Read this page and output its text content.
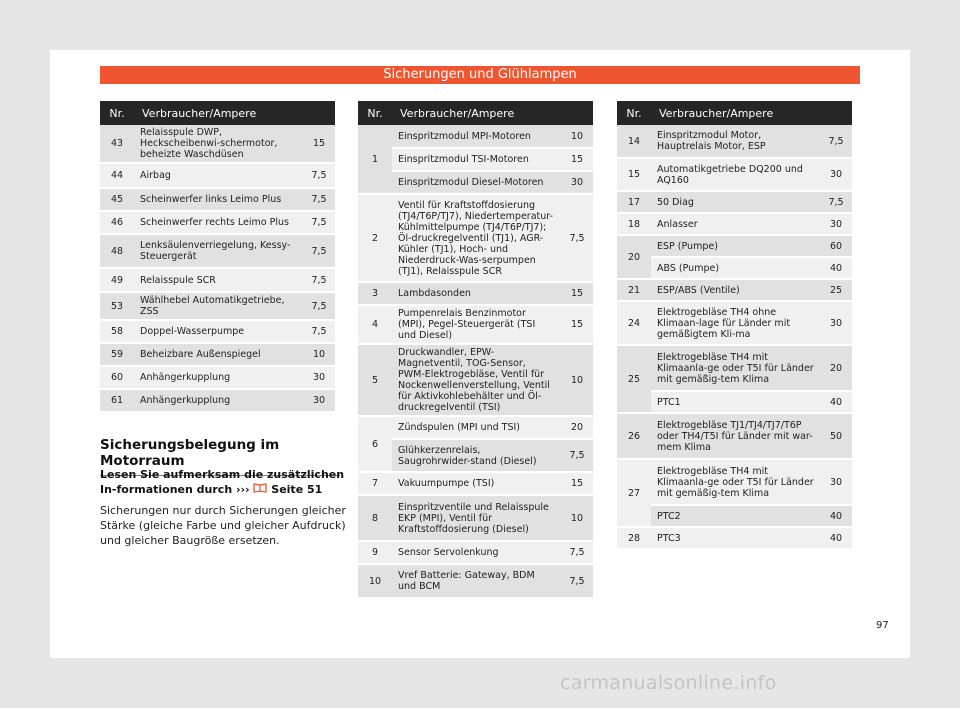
Sicherungen und Glühlampen
Nr.	Verbraucher/Ampere	
43	Relaisspule DWP, Heckscheibenwi-schermotor, beheizte Waschdüsen	15
44	Airbag	7,5
45	Scheinwerfer links Leimo Plus	7,5
46	Scheinwerfer rechts Leimo Plus	7,5
48	Lenksäulenverriegelung, Kessy-Steuergerät	7,5
49	Relaisspule SCR	7,5
53	Wählhebel Automatikgetriebe, ZSS	7,5
58	Doppel-Wasserpumpe	7,5
59	Beheizbare Außenspiegel	10
60	Anhängerkupplung	30
61	Anhängerkupplung	30
Nr.	Verbraucher/Ampere	
1	Einspritzmodul MPI-Motoren	10
	Einspritzmodul TSI-Motoren	15
	Einspritzmodul Diesel-Motoren	30
2	Ventil für Kraftstoffdosierung (TJ4/T6P/TJ7), Niedertemperatur-Kühlmittelpumpe (TJ4/T6P/TJ7); Öl-druckregelventil (TJ1), AGR-Kühler (TJ1), Hoch- und Niederdruck-Was-serpumpen (TJ1), Relaisspule SCR	7,5
3	Lambdasonden	15
4	Pumpenrelais Benzinmotor (MPI), Pegel-Steuergerät (TSI und Diesel)	15
5	Druckwandler, EPW-Magnetventil, TOG-Sensor, PWM-Elektrogebläse, Ventil für Nockenwellenverstellung, Ventil für Aktivkohlebehälter und Öl-druckregelventil (TSI)	10
6	Zündspulen (MPI und TSI)	20
	Glühkerzenrelais, Saugrohrwider-stand (Diesel)	7,5
7	Vakuumpumpe (TSI)	15
8	Einspritzventile und Relaisspule EKP (MPI), Ventil für Kraftstoffdosierung (Diesel)	10
9	Sensor Servolenkung	7,5
10	Vref Batterie: Gateway, BDM und BCM	7,5
Nr.	Verbraucher/Ampere	
14	Einspritzmodul Motor, Hauptrelais Motor, ESP	7,5
15	Automatikgetriebe DQ200 und AQ160	30
17	50 Diag	7,5
18	Anlasser	30
20	ESP (Pumpe)	60
	ABS (Pumpe)	40
21	ESP/ABS (Ventile)	25
24	Elektrogebläse TH4 ohne Klimaan-lage für Länder mit gemäßigtem Kli-ma	30
25	Elektrogebläse TH4 mit Klimaanla-ge oder T5I für Länder mit gemäßig-tem Klima	20
	PTC1	40
26	Elektrogebläse TJ1/TJ4/TJ7/T6P oder TH4/T5I für Länder mit war-mem Klima	50
27	Elektrogebläse TH4 mit Klimaanla-ge oder T5I für Länder mit gemäßig-tem Klima	30
	PTC2	40
28	PTC3	40
Sicherungsbelegung im Motorraum
Lesen Sie aufmerksam die zusätzlichen In-formationen durch ››› Seite 51
Sicherungen nur durch Sicherungen gleicher Stärke (gleiche Farbe und gleicher Aufdruck) und gleicher Baugröße ersetzen.
97
carmanualsonline.info
